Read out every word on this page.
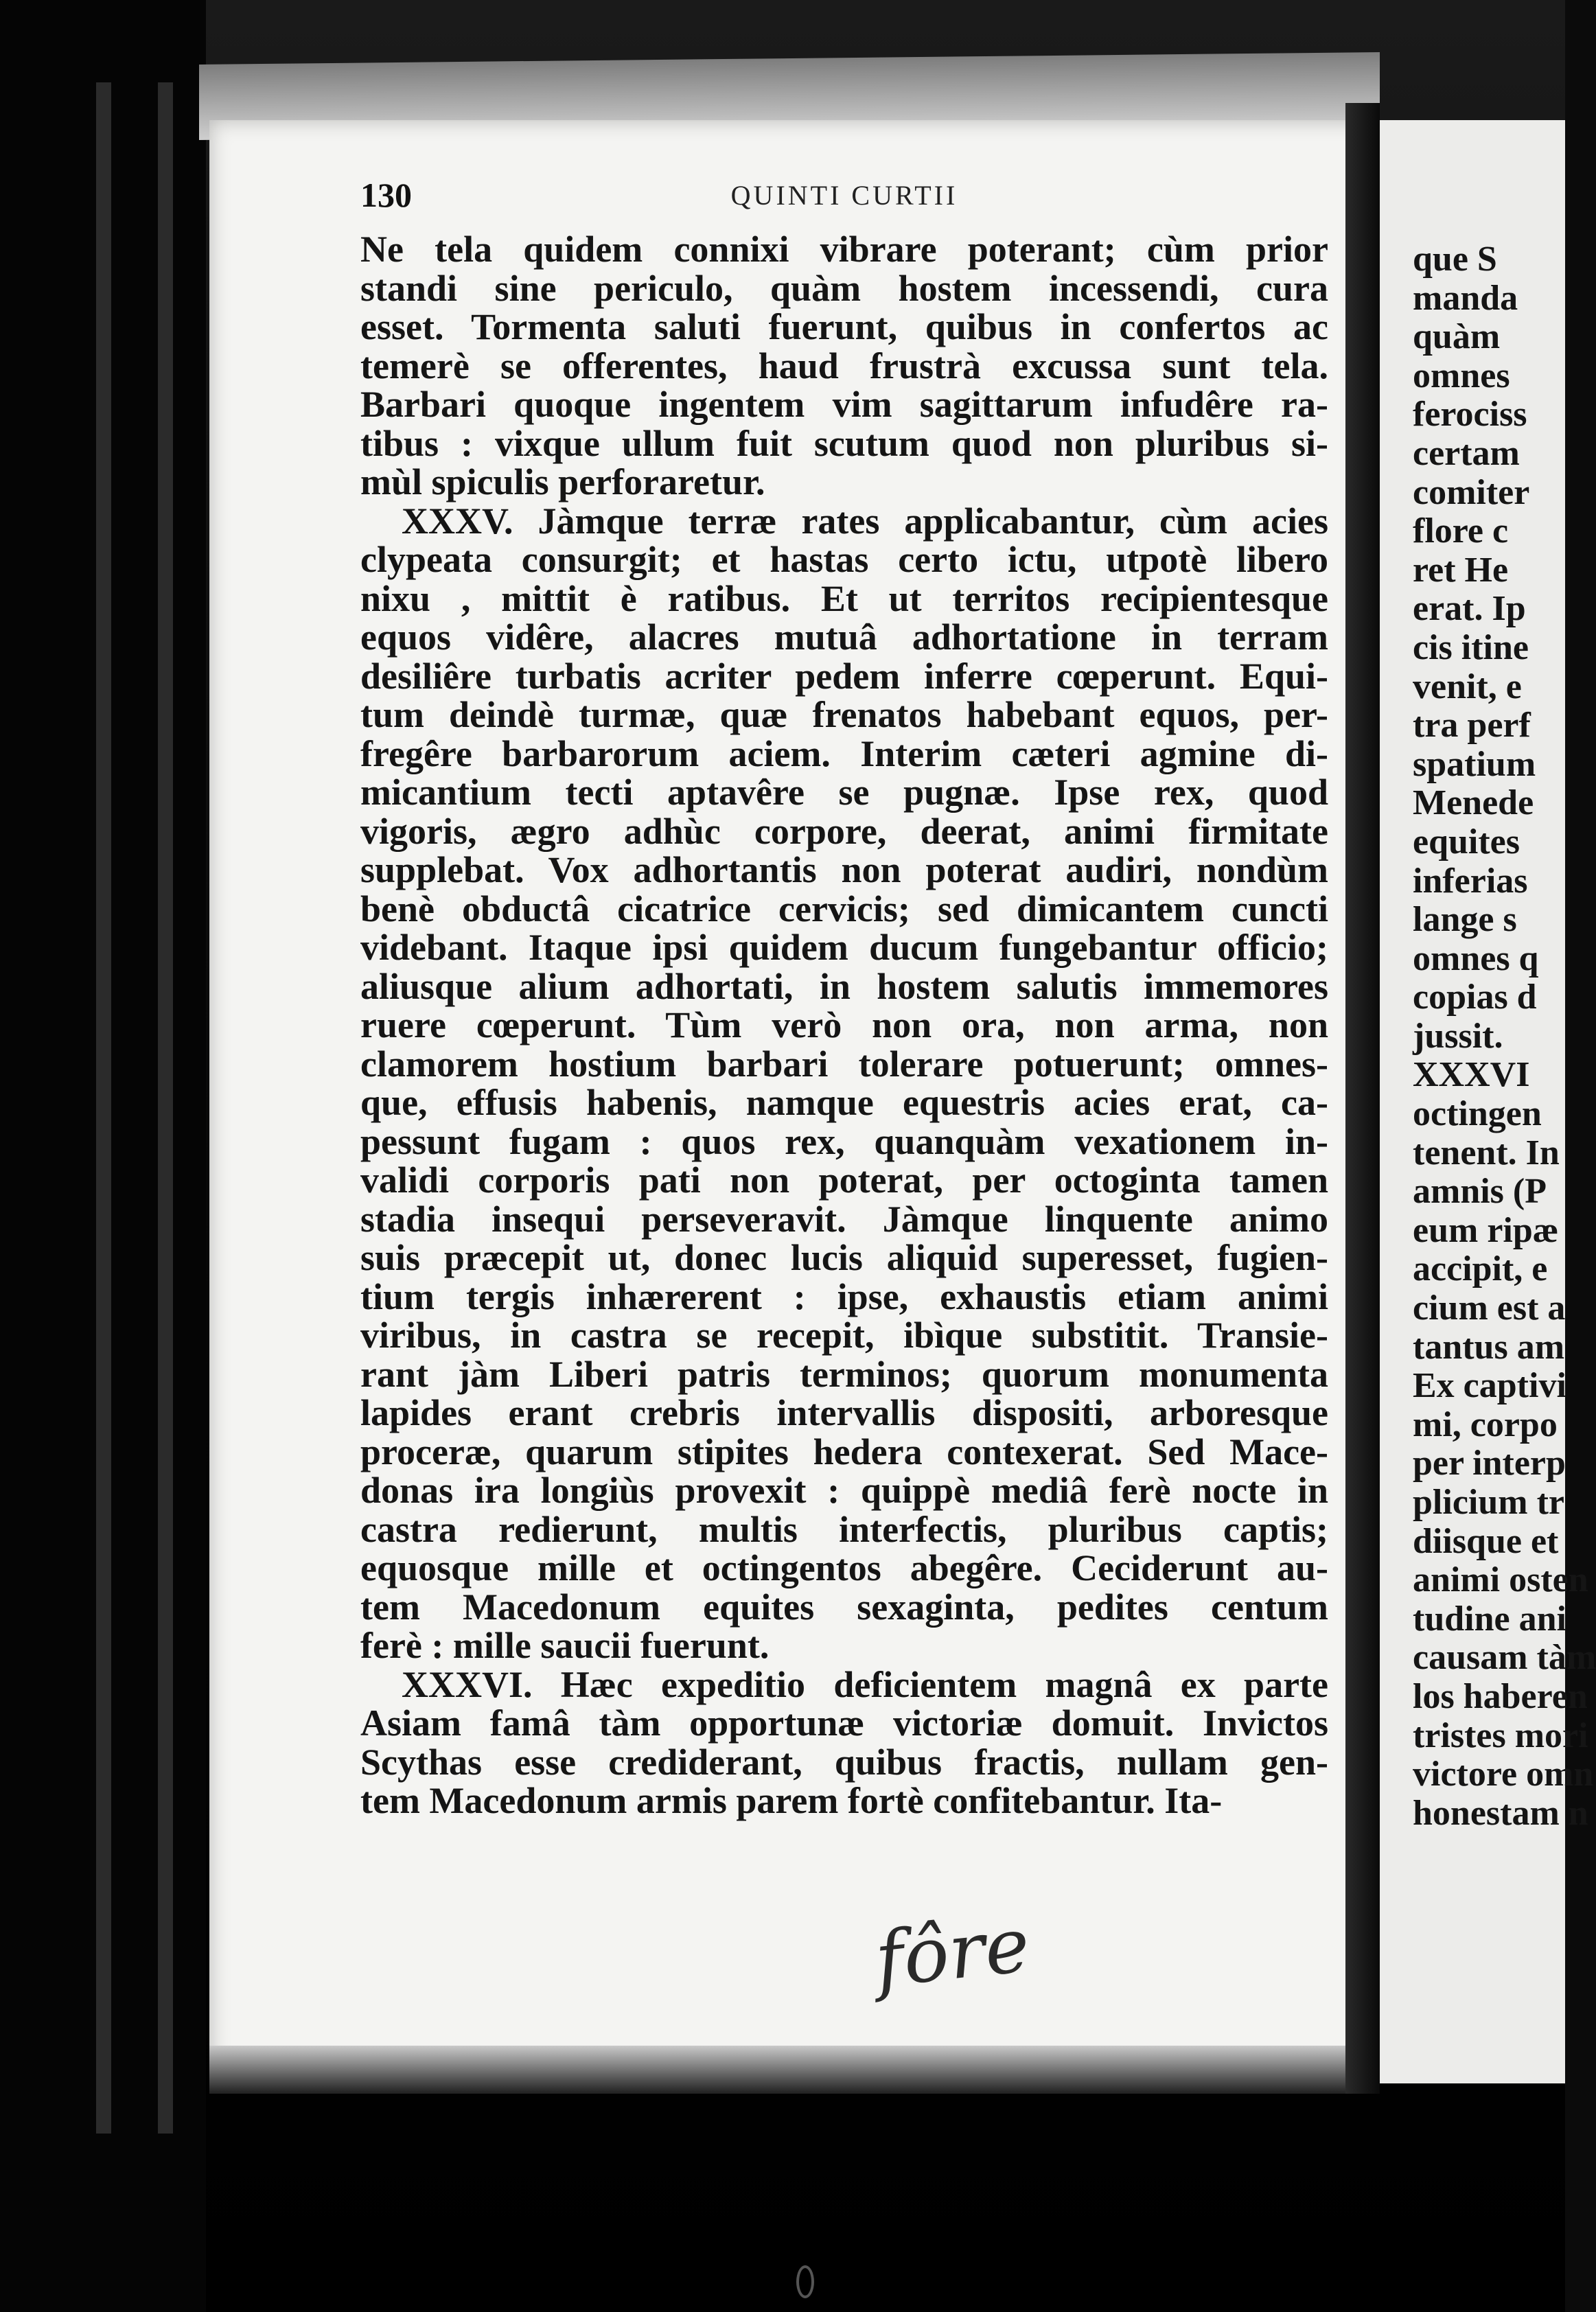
130	QUINTI CURTII
Ne tela quidem connixi vibrare poterant; cùm prior
standi sine periculo, quàm hostem incessendi, cura
esset. Tormenta saluti fuerunt, quibus in confertos ac
temerè se offerentes, haud frustrà excussa sunt tela.
Barbari quoque ingentem vim sagittarum infudêre ra-
tibus : vixque ullum fuit scutum quod non pluribus si-
mùl spiculis perforaretur.
XXXV. Jàmque terræ rates applicabantur, cùm acies
clypeata consurgit; et hastas certo ictu, utpotè libero
nixu , mittit è ratibus. Et ut territos recipientesque
equos vidêre, alacres mutuâ adhortatione in terram
desiliêre turbatis acriter pedem inferre cœperunt. Equi-
tum deindè turmæ, quæ frenatos habebant equos, per-
fregêre barbarorum aciem. Interim cæteri agmine di-
micantium tecti aptavêre se pugnæ. Ipse rex, quod
vigoris, ægro adhùc corpore, deerat, animi firmitate
supplebat. Vox adhortantis non poterat audiri, nondùm
benè obductâ cicatrice cervicis; sed dimicantem cuncti
videbant. Itaque ipsi quidem ducum fungebantur officio;
aliusque alium adhortati, in hostem salutis immemores
ruere cœperunt. Tùm verò non ora, non arma, non
clamorem hostium barbari tolerare potuerunt; omnes-
que, effusis habenis, namque equestris acies erat, ca-
pessunt fugam : quos rex, quanquàm vexationem in-
validi corporis pati non poterat, per octoginta tamen
stadia insequi perseveravit. Jàmque linquente animo
suis præcepit ut, donec lucis aliquid superesset, fugien-
tium tergis inhærerent : ipse, exhaustis etiam animi
viribus, in castra se recepit, ibìque substitit. Transie-
rant jàm Liberi patris terminos; quorum monumenta
lapides erant crebris intervallis dispositi, arboresque
proceræ, quarum stipites hedera contexerat. Sed Mace-
donas ira longiùs provexit : quippè mediâ ferè nocte in
castra redierunt, multis interfectis, pluribus captis;
equosque mille et octingentos abegêre. Ceciderunt au-
tem Macedonum equites sexaginta, pedites centum
ferè : mille saucii fuerunt.
XXXVI. Hæc expeditio deficientem magnâ ex parte
Asiam famâ tàm opportunæ victoriæ domuit. Invictos
Scythas esse crediderant, quibus fractis, nullam gen-
tem Macedonum armis parem fortè confitebantur. Ita-
fôre
que S
manda
quàm
omnes
ferociss
certam
comiter
flore c
ret He
erat. Ip
cis itine
venit, e
tra perf
spatium
Menede
equites
inferias
lange s
omnes q
copias d
jussit.
XXXVI
octingen
tenent. In
amnis (P
eum ripæ
accipit, e
cium est a
tantus am
Ex captivi
mi, corpo
per interp
plicium tr
diisque et
animi osten
tudine ani
causam tàm
los haberen
tristes mori
victore omn
honestam n
